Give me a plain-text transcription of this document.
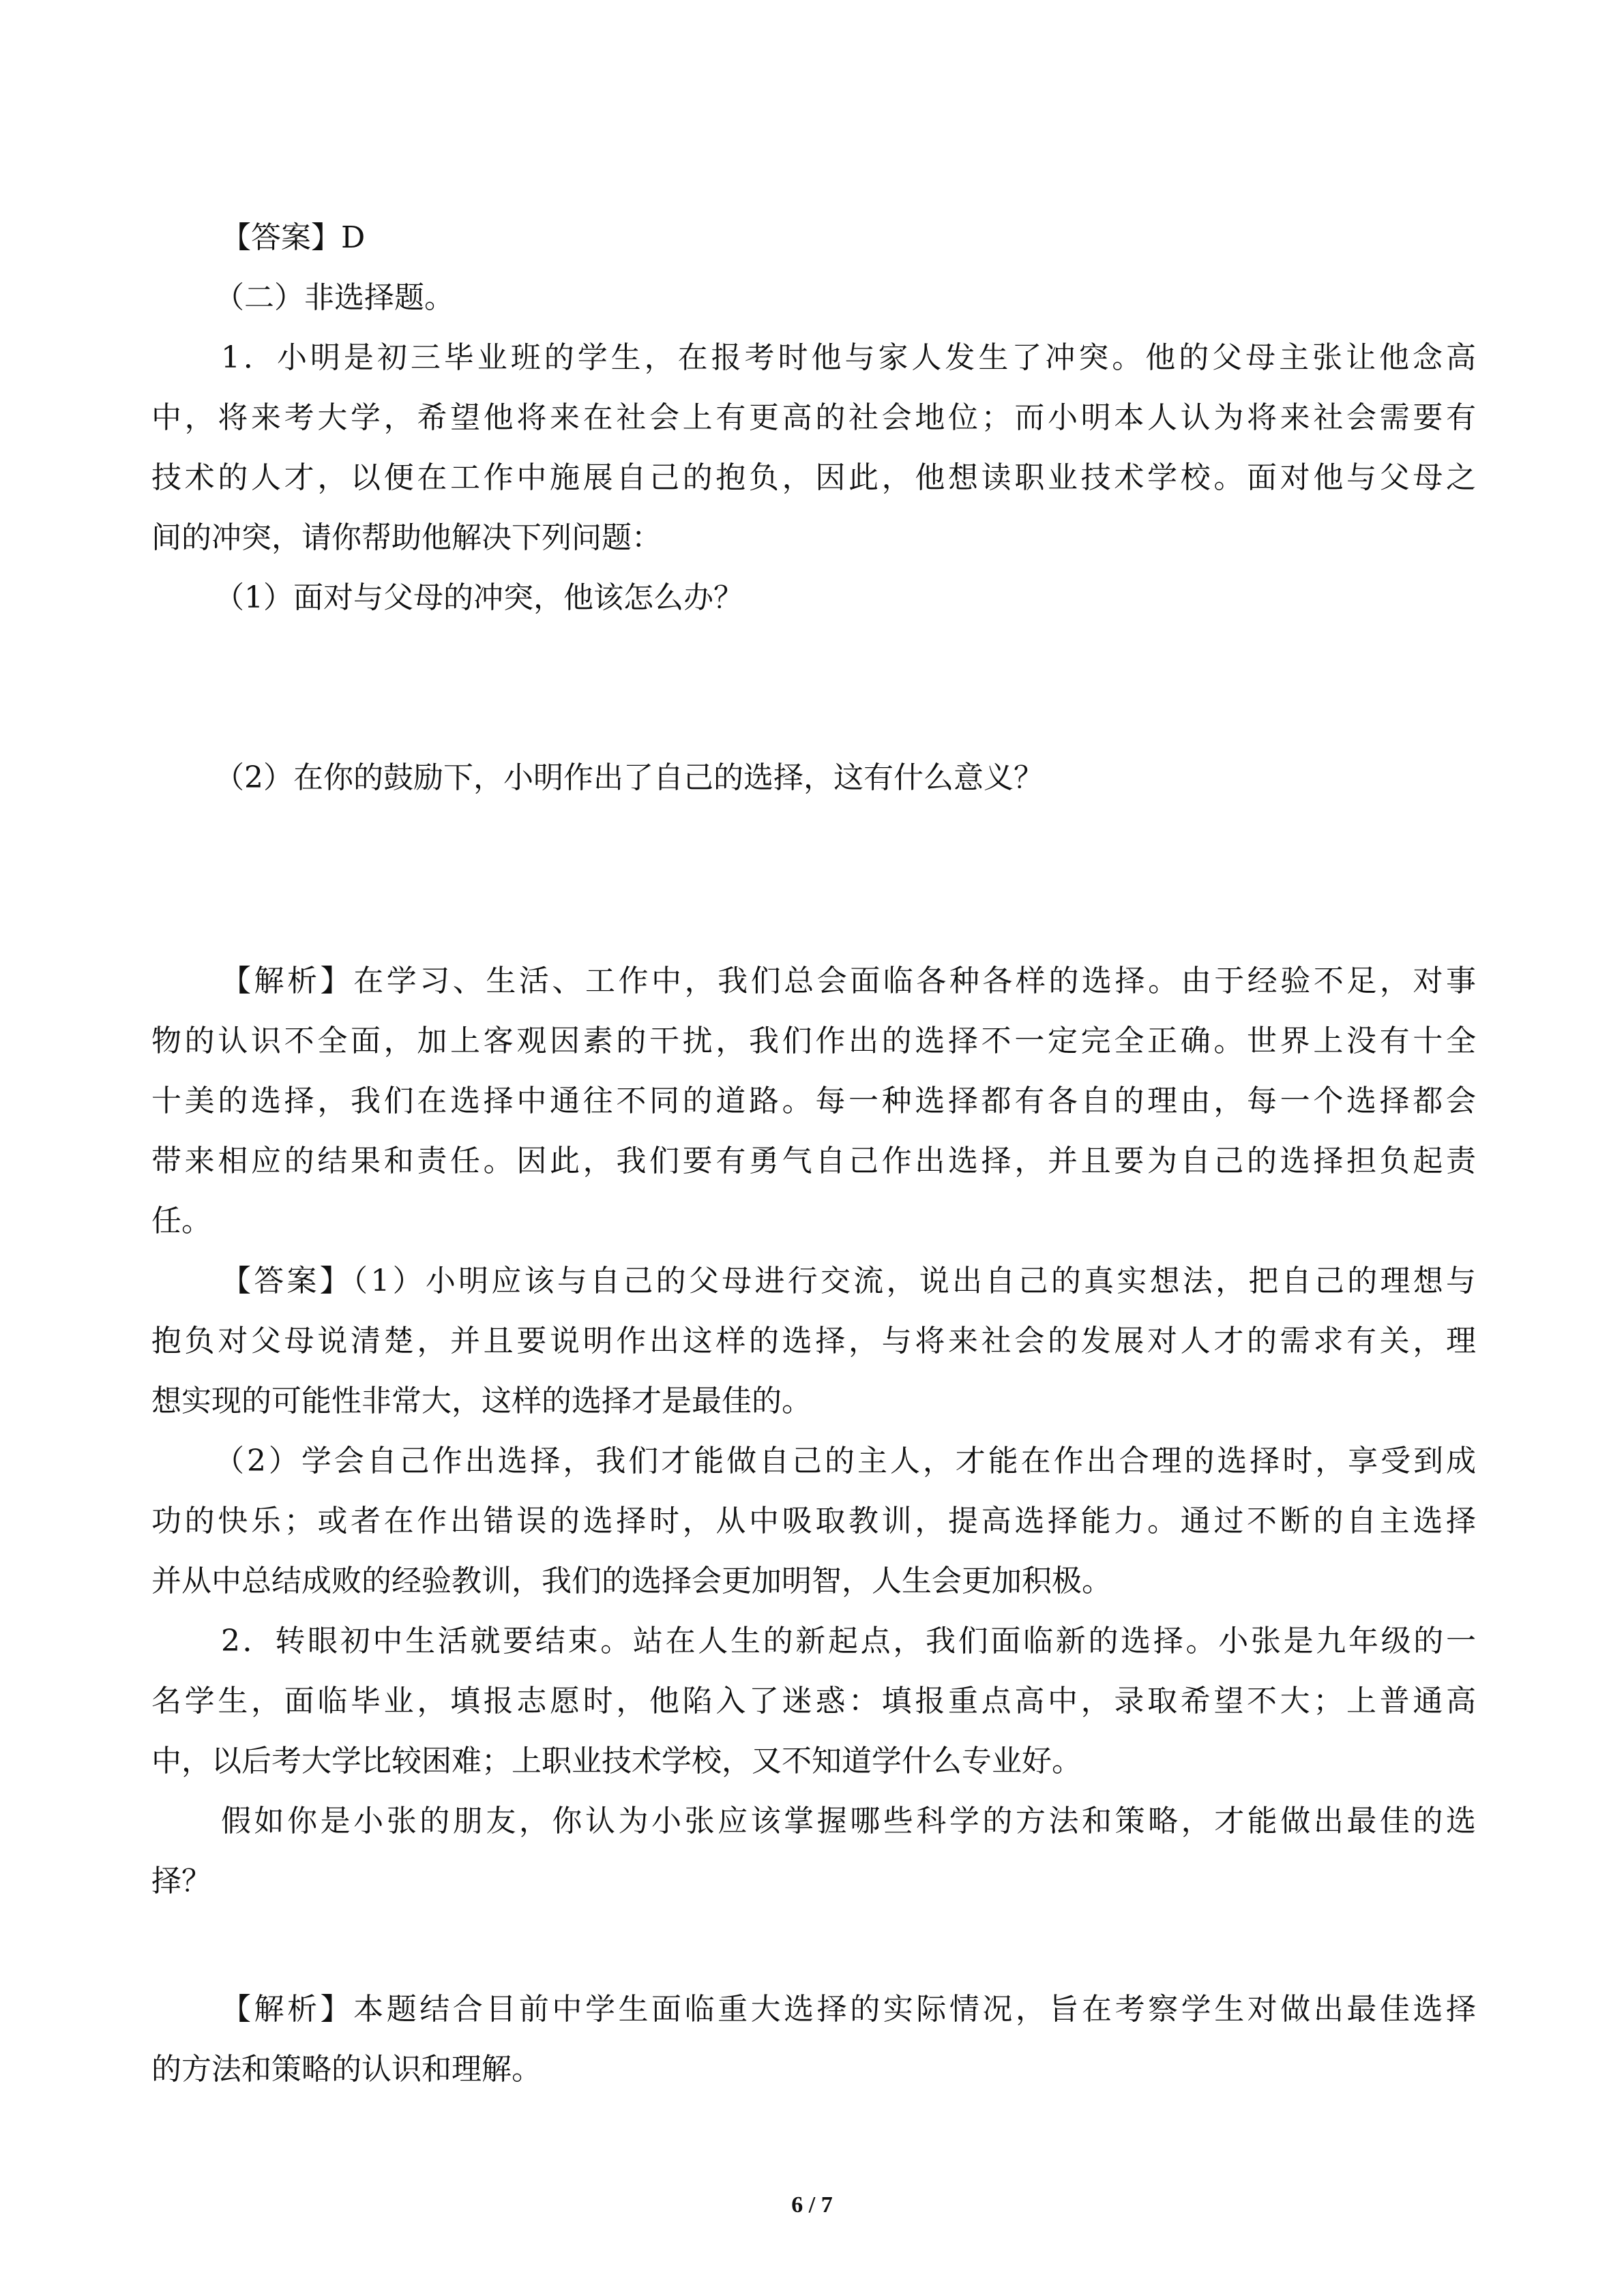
【答案】D
（二）非选择题。
1．小明是初三毕业班的学生，在报考时他与家人发生了冲突。他的父母主张让他念高
中，将来考大学，希望他将来在社会上有更高的社会地位；而小明本人认为将来社会需要有
技术的人才，以便在工作中施展自己的抱负，因此，他想读职业技术学校。面对他与父母之
间的冲突，请你帮助他解决下列问题：
（1）面对与父母的冲突，他该怎么办？
（2）在你的鼓励下，小明作出了自己的选择，这有什么意义？
【解析】在学习、生活、工作中，我们总会面临各种各样的选择。由于经验不足，对事
物的认识不全面，加上客观因素的干扰，我们作出的选择不一定完全正确。世界上没有十全
十美的选择，我们在选择中通往不同的道路。每一种选择都有各自的理由，每一个选择都会
带来相应的结果和责任。因此，我们要有勇气自己作出选择，并且要为自己的选择担负起责
任。
【答案】（1）小明应该与自己的父母进行交流，说出自己的真实想法，把自己的理想与
抱负对父母说清楚，并且要说明作出这样的选择，与将来社会的发展对人才的需求有关，理
想实现的可能性非常大，这样的选择才是最佳的。
（2）学会自己作出选择，我们才能做自己的主人，才能在作出合理的选择时，享受到成
功的快乐；或者在作出错误的选择时，从中吸取教训，提高选择能力。通过不断的自主选择
并从中总结成败的经验教训，我们的选择会更加明智，人生会更加积极。
2．转眼初中生活就要结束。站在人生的新起点，我们面临新的选择。小张是九年级的一
名学生，面临毕业，填报志愿时，他陷入了迷惑：填报重点高中，录取希望不大；上普通高
中，以后考大学比较困难；上职业技术学校，又不知道学什么专业好。
假如你是小张的朋友，你认为小张应该掌握哪些科学的方法和策略，才能做出最佳的选
择？
【解析】本题结合目前中学生面临重大选择的实际情况，旨在考察学生对做出最佳选择
的方法和策略的认识和理解。
6 / 7
